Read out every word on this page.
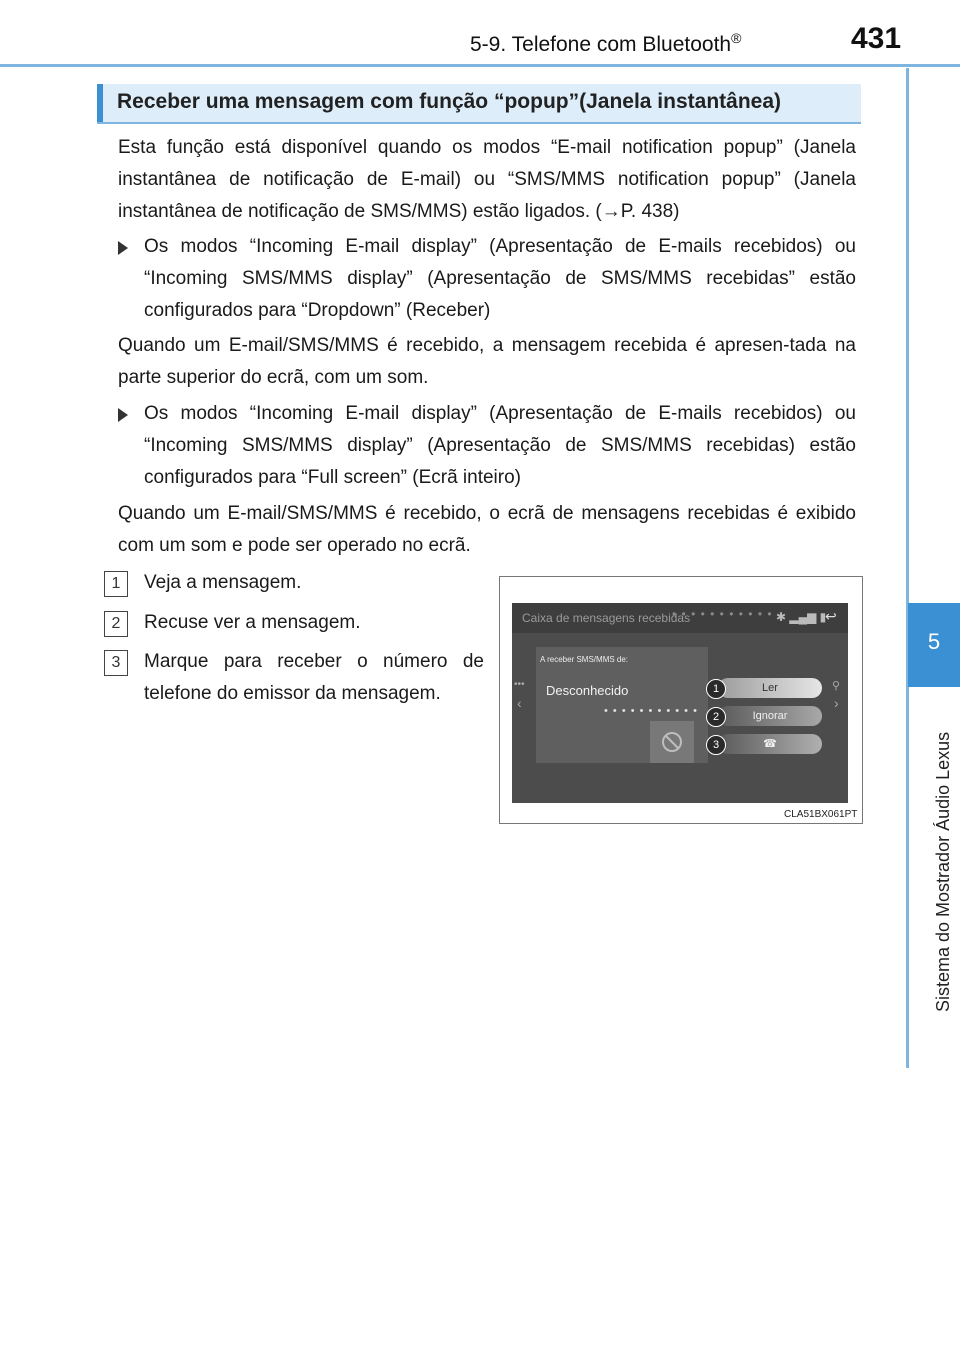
5-9. Telefone com Bluetooth®	431
5
Sistema do Mostrador Áudio Lexus
Receber uma mensagem com função “popup”(Janela instantânea)
Esta função está disponível quando os modos “E-mail notification popup” (Janela instantânea de notificação de E-mail) ou “SMS/MMS notification popup” (Janela instantânea de notificação de SMS/MMS) estão ligados. (→P. 438)
Os modos “Incoming E-mail display” (Apresentação de E-mails recebidos) ou “Incoming SMS/MMS display” (Apresentação de SMS/MMS recebidas” estão configurados para “Dropdown” (Receber)
Quando um E-mail/SMS/MMS é recebido, a mensagem recebida é apresen-tada na parte superior do ecrã, com um som.
Os modos “Incoming E-mail display” (Apresentação de E-mails recebidos) ou “Incoming SMS/MMS display” (Apresentação de SMS/MMS recebidas) estão configurados para “Full screen” (Ecrã inteiro)
Quando um E-mail/SMS/MMS é recebido, o ecrã de mensagens recebidas é exibido com um som e pode ser operado no ecrã.
1	Veja a mensagem.
2	Recuse ver a mensagem.
3	Marque para receber o número de telefone do emissor da mensagem.
Caixa de mensagens recebidas
• • • • • • • • • • • ✱ ▂▄▆ ▮
↩
•••
‹
⚲
›
A receber SMS/MMS de:
Desconhecido
• • • • • • • • • • •
Ler
Ignorar
☎
1
2
3
CLA51BX061PT
